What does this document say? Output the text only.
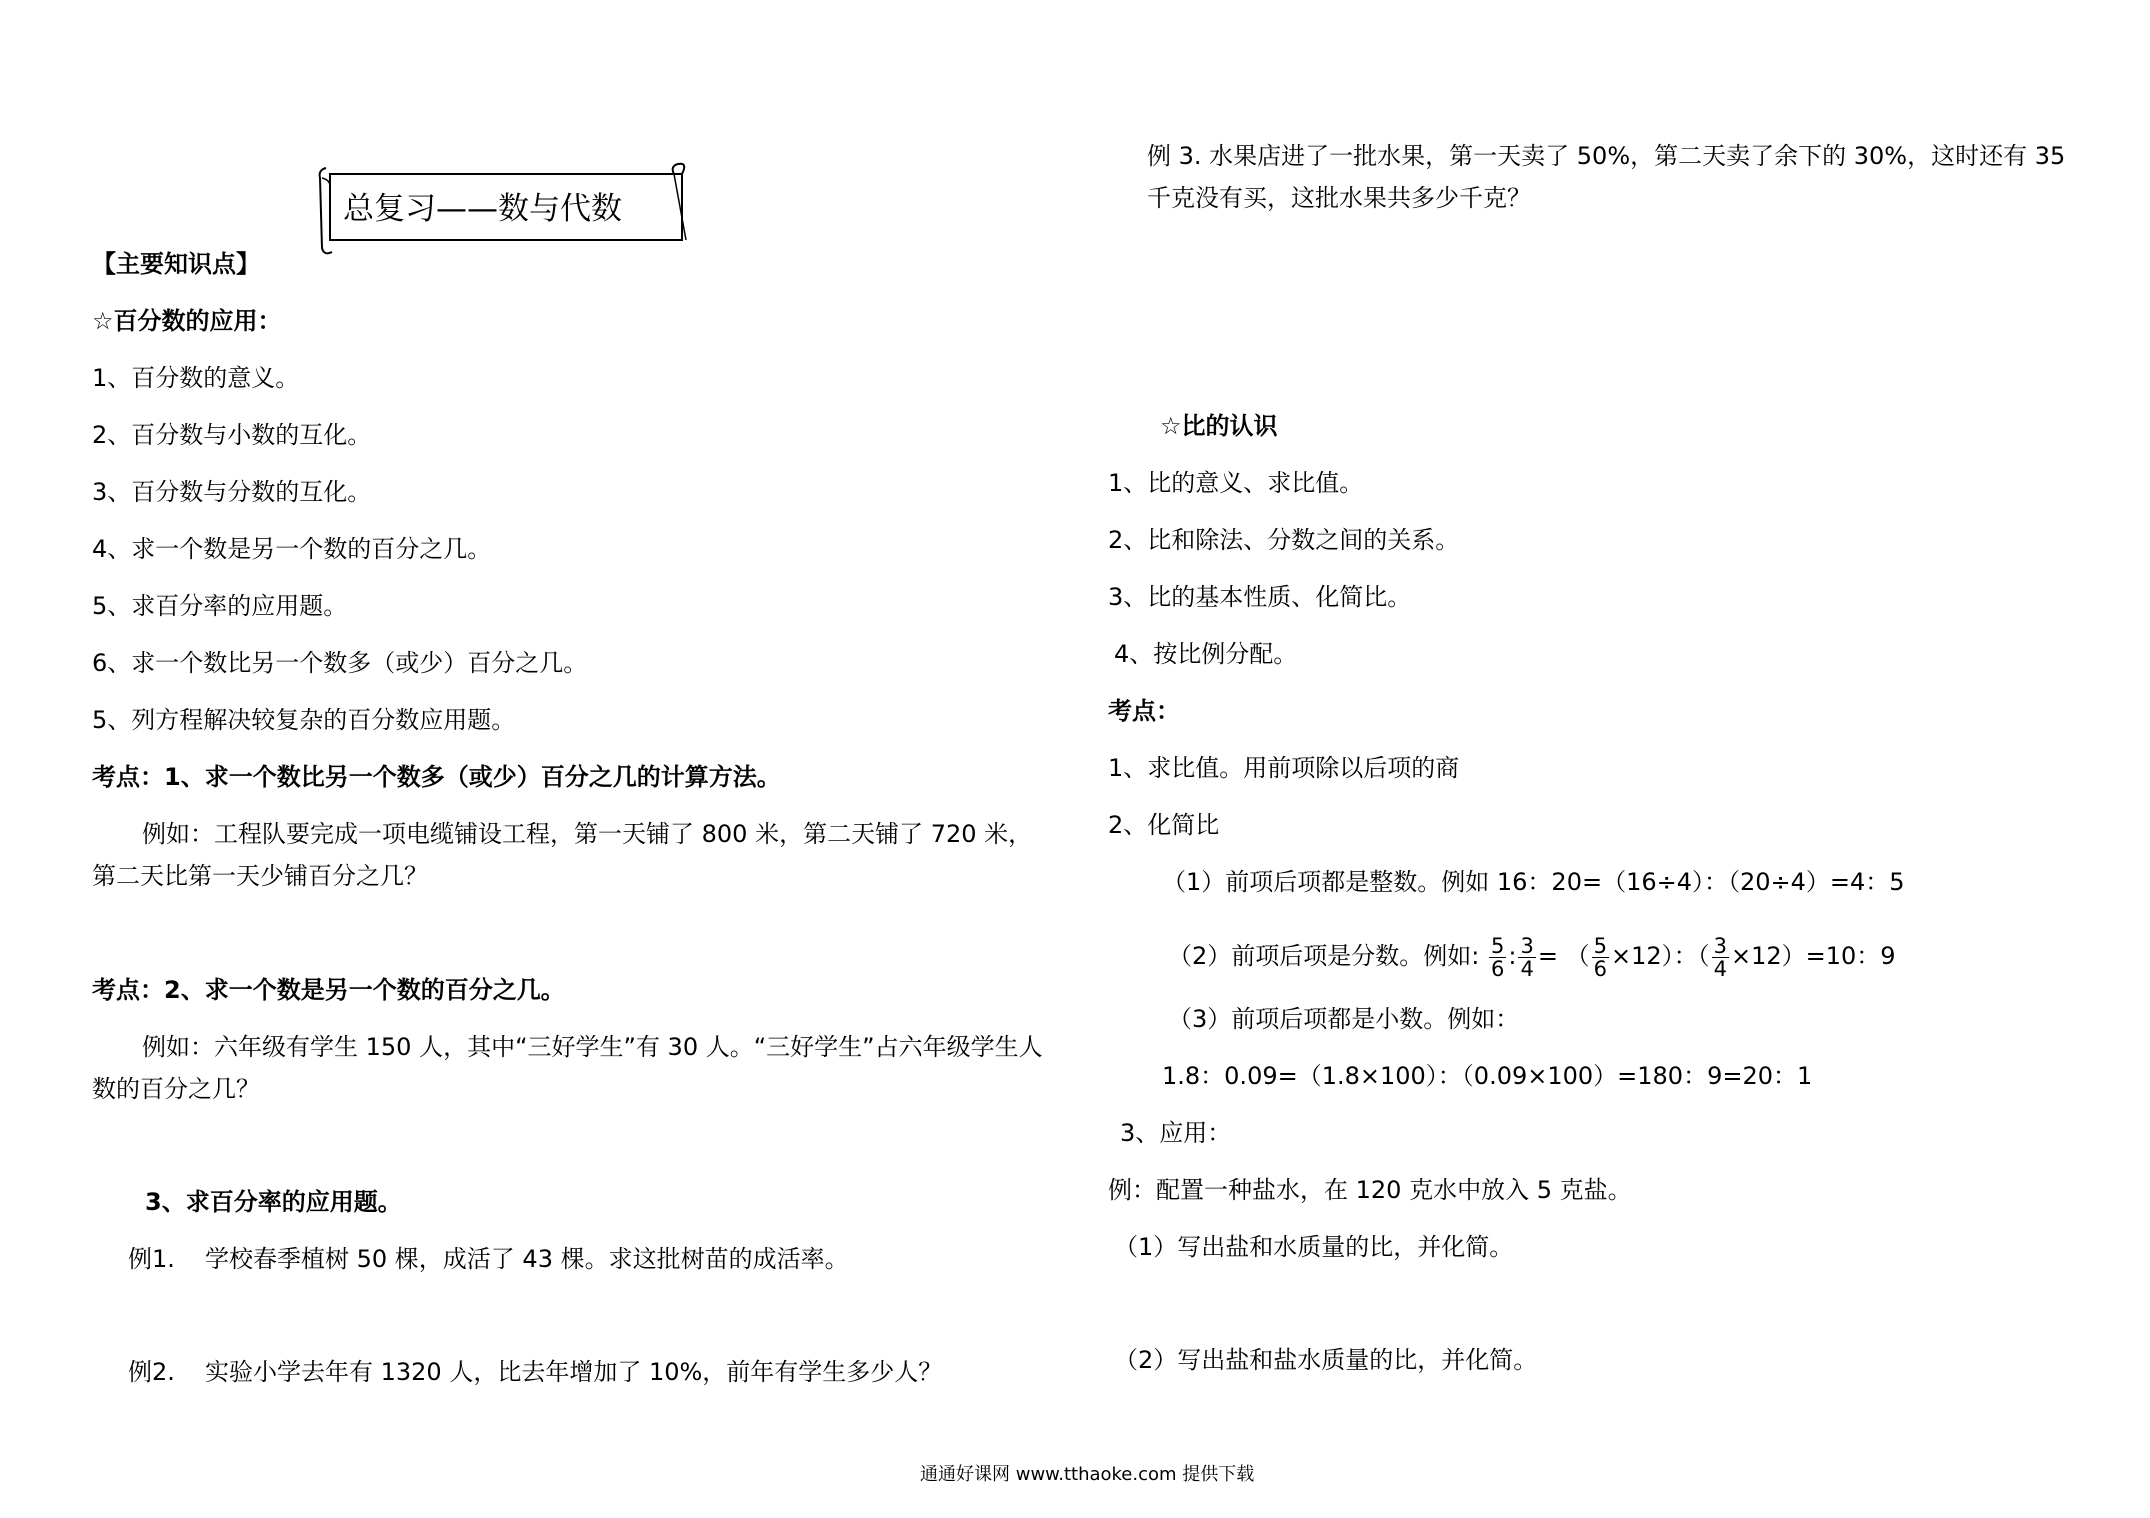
总复习——数与代数
【主要知识点】
☆百分数的应用：
1、百分数的意义。
2、百分数与小数的互化。
3、百分数与分数的互化。
4、求一个数是另一个数的百分之几。
5、求百分率的应用题。
6、求一个数比另一个数多（或少）百分之几。
5、列方程解决较复杂的百分数应用题。
考点：1、求一个数比另一个数多（或少）百分之几的计算方法。
例如：工程队要完成一项电缆铺设工程，第一天铺了 800 米，第二天铺了 720 米，
第二天比第一天少铺百分之几？
考点：2、求一个数是另一个数的百分之几。
例如：六年级有学生 150 人，其中“三好学生”有 30 人。“三好学生”占六年级学生人
数的百分之几？
3、求百分率的应用题。
例1. 学校春季植树 50 棵，成活了 43 棵。求这批树苗的成活率。
例2. 实验小学去年有 1320 人，比去年增加了 10%，前年有学生多少人？
例 3. 水果店进了一批水果，第一天卖了 50%，第二天卖了余下的 30%，这时还有 35
千克没有买，这批水果共多少千克？
☆比的认识
1、比的意义、求比值。
2、比和除法、分数之间的关系。
3、比的基本性质、化简比。
4、按比例分配。
考点：
1、求比值。用前项除以后项的商
2、化简比
（1）前项后项都是整数。例如 16：20=（16÷4）：（20÷4）=4：5
（2）前项后项是分数。例如: $\frac{5}{6}$ : $\frac{3}{4}$ = （ $\frac{5}{6} \times 12$）：（ $\frac{3}{4} \times 12)=10$：9
（3）前项后项都是小数。例如：
1.8：0.09=（1.8×100）：（0.09×100）=180：9=20：1
3、应用：
例：配置一种盐水，在 120 克水中放入 5 克盐。
（1）写出盐和水质量的比，并化简。
（2）写出盐和盐水质量的比，并化简。
通通好课网 www.tthaoke.com 提供下载
